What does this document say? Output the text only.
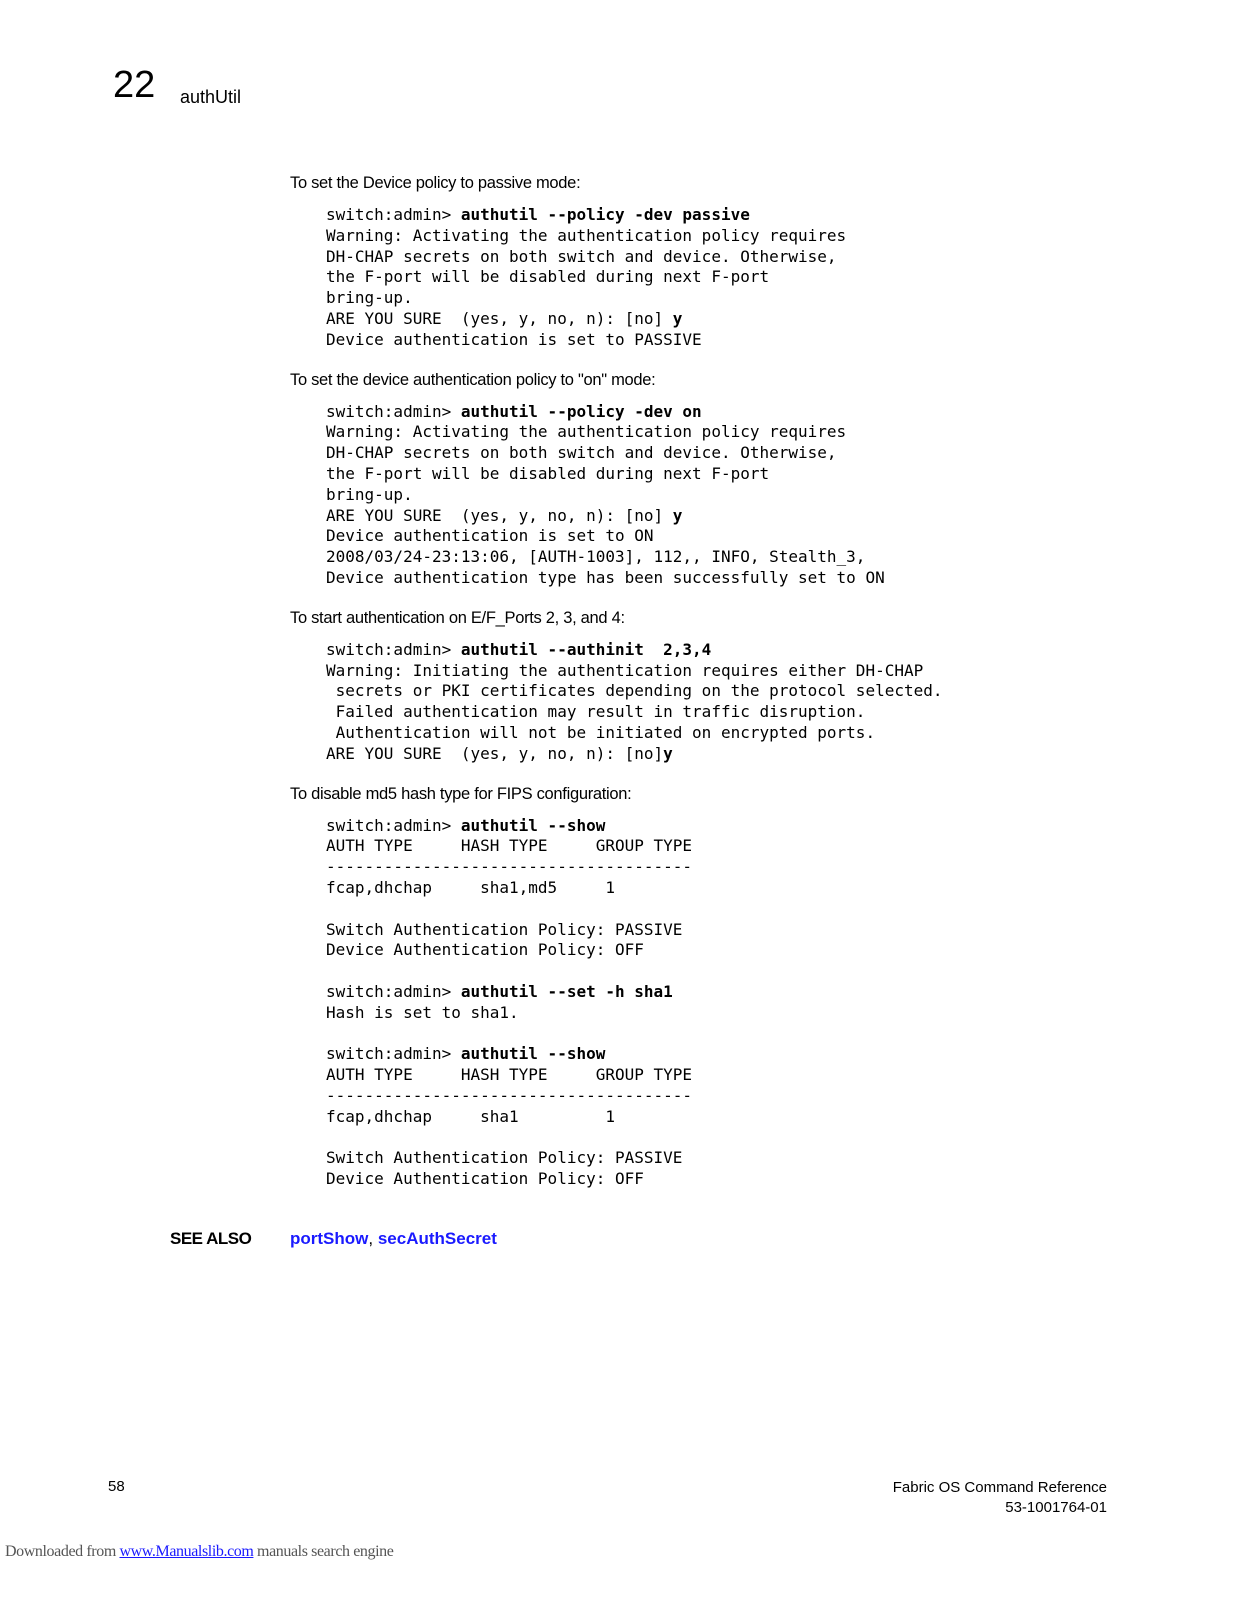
22 authUtil

To set the Device policy to passive mode:

switch:admin> authutil --policy -dev passive
Warning: Activating the authentication policy requires
DH-CHAP secrets on both switch and device. Otherwise,
the F-port will be disabled during next F-port
bring-up.
ARE YOU SURE  (yes, y, no, n): [no] y
Device authentication is set to PASSIVE

To set the device authentication policy to "on" mode:

switch:admin> authutil --policy -dev on
Warning: Activating the authentication policy requires
DH-CHAP secrets on both switch and device. Otherwise,
the F-port will be disabled during next F-port
bring-up.
ARE YOU SURE  (yes, y, no, n): [no] y
Device authentication is set to ON
2008/03/24-23:13:06, [AUTH-1003], 112,, INFO, Stealth_3,
Device authentication type has been successfully set to ON

To start authentication on E/F_Ports 2, 3, and 4:

switch:admin> authutil --authinit  2,3,4
Warning: Initiating the authentication requires either DH-CHAP
secrets or PKI certificates depending on the protocol selected.
Failed authentication may result in traffic disruption.
Authentication will not be initiated on encrypted ports.
ARE YOU SURE  (yes, y, no, n): [no]y

To disable md5 hash type for FIPS configuration:

switch:admin> authutil --show
AUTH TYPE     HASH TYPE     GROUP TYPE
--------------------------------------
fcap,dhchap     sha1,md5     1

Switch Authentication Policy: PASSIVE
Device Authentication Policy: OFF

switch:admin> authutil --set -h sha1
Hash is set to sha1.

switch:admin> authutil --show
AUTH TYPE     HASH TYPE     GROUP TYPE
--------------------------------------
fcap,dhchap     sha1         1

Switch Authentication Policy: PASSIVE
Device Authentication Policy: OFF
SEE ALSO portShow, secAuthSecret
58	Fabric OS Command Reference
53-1001764-01
Downloaded from www.Manualslib.com manuals search engine
